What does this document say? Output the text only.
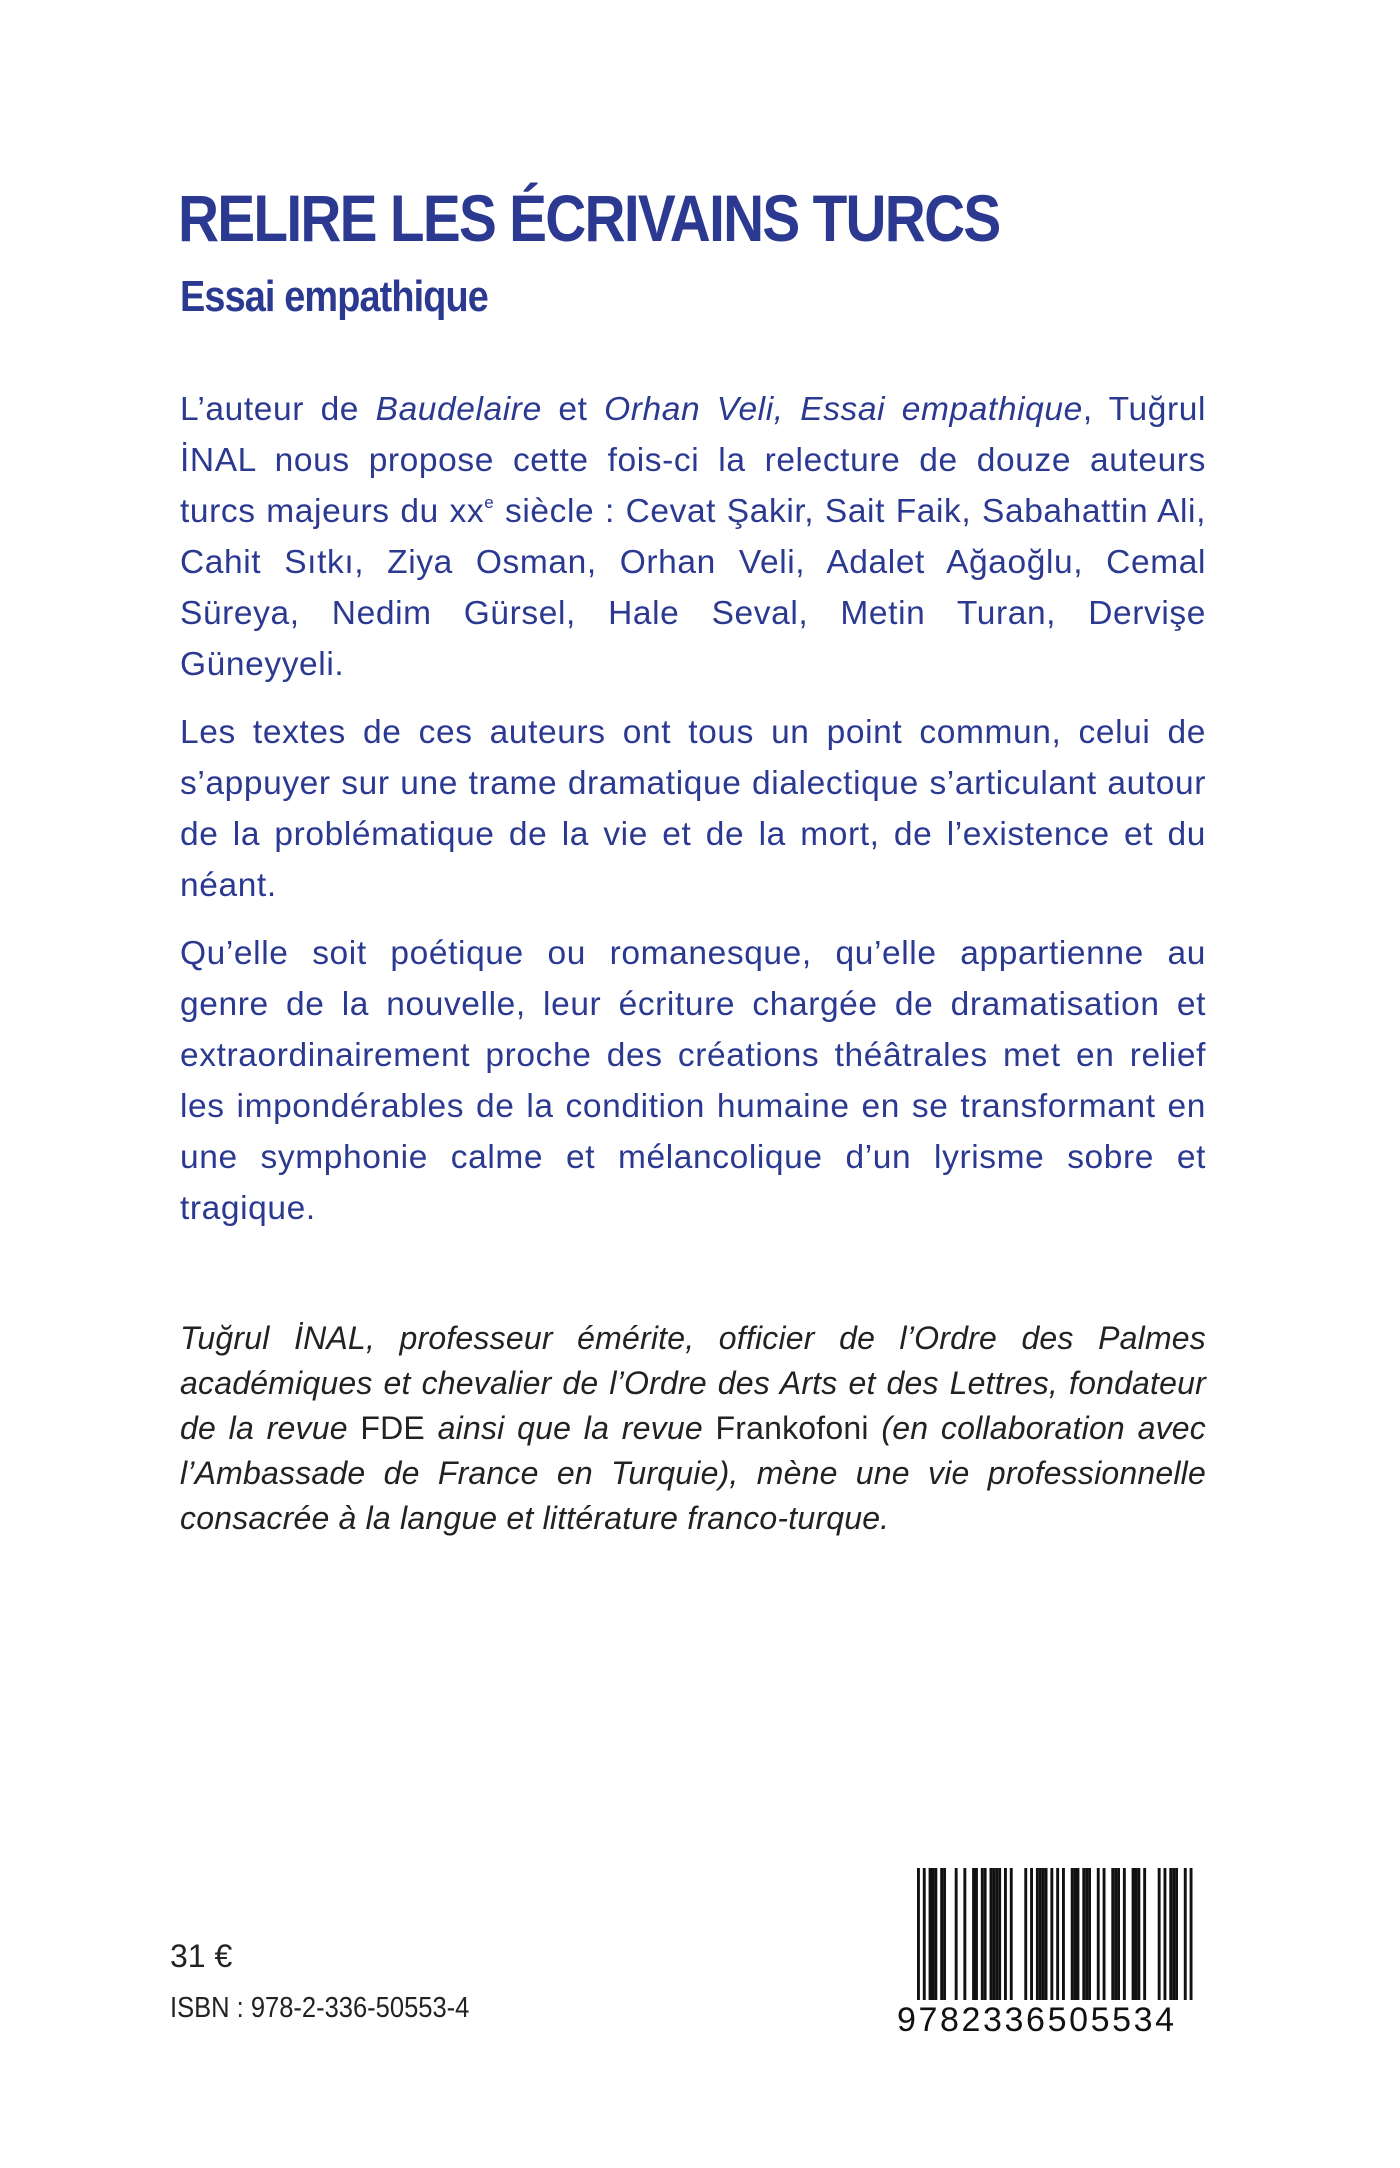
RELIRE LES ÉCRIVAINS TURCS
Essai empathique

L’auteur de Baudelaire et Orhan Veli, Essai empathique, Tuğrul İNAL nous propose cette fois-ci la relecture de douze auteurs turcs majeurs du $xx^e$ siècle : Cevat Şakir, Sait Faik, Sabahattin Ali, Cahit Sıtkı, Ziya Osman, Orhan Veli, Adalet Ağaoğlu, Cemal Süreya, Nedim Gürsel, Hale Seval, Metin Turan, Dervişe Güneyyeli.

Les textes de ces auteurs ont tous un point commun, celui de s’appuyer sur une trame dramatique dialectique s’articulant autour de la problématique de la vie et de la mort, de l’existence et du néant.

Qu’elle soit poétique ou romanesque, qu’elle appartienne au genre de la nouvelle, leur écriture chargée de dramatisation et extraordinairement proche des créations théâtrales met en relief les impondérables de la condition humaine en se transformant en une symphonie calme et mélancolique d’un lyrisme sobre et tragique.

Tuğrul İNAL, professeur émérite, officier de l’Ordre des Palmes académiques et chevalier de l’Ordre des Arts et des Lettres, fondateur de la revue FDE ainsi que la revue Frankofoni (en collaboration avec l’Ambassade de France en Turquie), mène une vie professionnelle consacrée à la langue et littérature franco-turque.

31 €
ISBN : 978-2-336-50553-4	9782336505534
